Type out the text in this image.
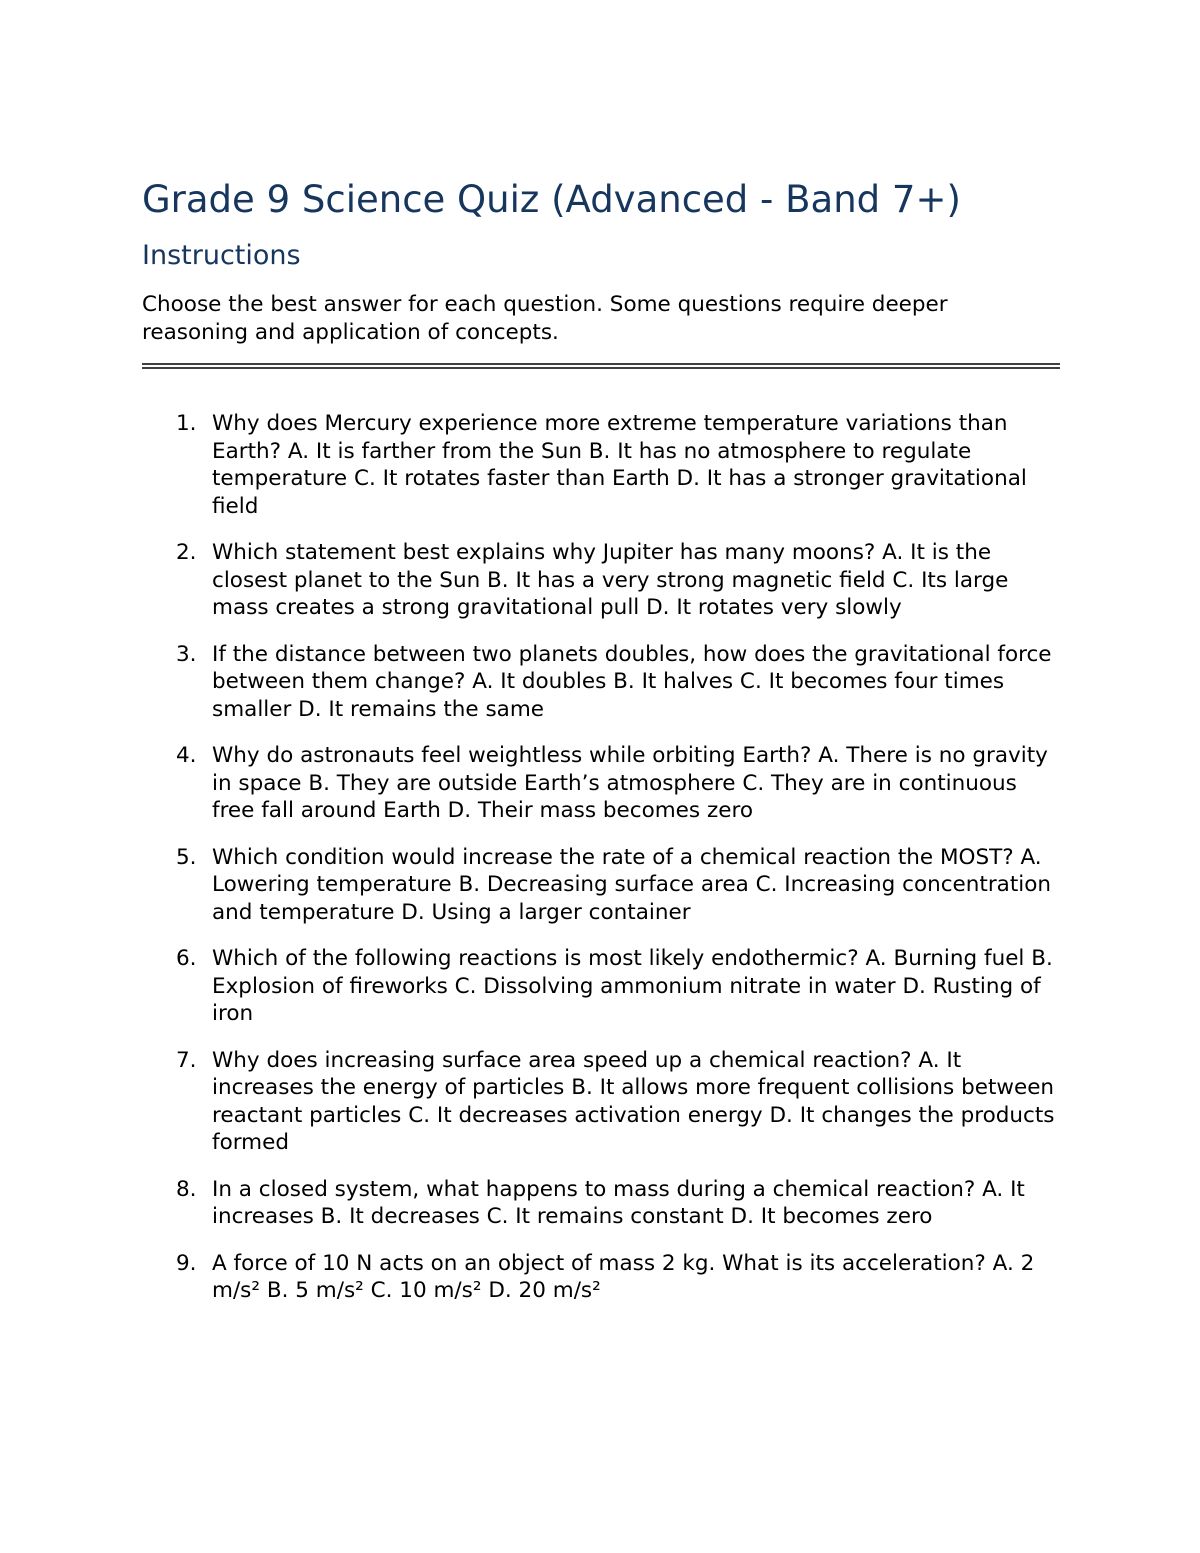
Grade 9 Science Quiz (Advanced - Band 7+)
Instructions

Choose the best answer for each question. Some questions require deeper reasoning and application of concepts.

1. Why does Mercury experience more extreme temperature variations than Earth? A. It is farther from the Sun B. It has no atmosphere to regulate temperature C. It rotates faster than Earth D. It has a stronger gravitational field
2. Which statement best explains why Jupiter has many moons? A. It is the closest planet to the Sun B. It has a very strong magnetic field C. Its large mass creates a strong gravitational pull D. It rotates very slowly
3. If the distance between two planets doubles, how does the gravitational force between them change? A. It doubles B. It halves C. It becomes four times smaller D. It remains the same
4. Why do astronauts feel weightless while orbiting Earth? A. There is no gravity in space B. They are outside Earth’s atmosphere C. They are in continuous free fall around Earth D. Their mass becomes zero
5. Which condition would increase the rate of a chemical reaction the MOST? A. Lowering temperature B. Decreasing surface area C. Increasing concentration and temperature D. Using a larger container
6. Which of the following reactions is most likely endothermic? A. Burning fuel B. Explosion of fireworks C. Dissolving ammonium nitrate in water D. Rusting of iron
7. Why does increasing surface area speed up a chemical reaction? A. It increases the energy of particles B. It allows more frequent collisions between reactant particles C. It decreases activation energy D. It changes the products formed
8. In a closed system, what happens to mass during a chemical reaction? A. It increases B. It decreases C. It remains constant D. It becomes zero
9. A force of 10 N acts on an object of mass 2 kg. What is its acceleration? A. 2 m/s² B. 5 m/s² C. 10 m/s² D. 20 m/s²
